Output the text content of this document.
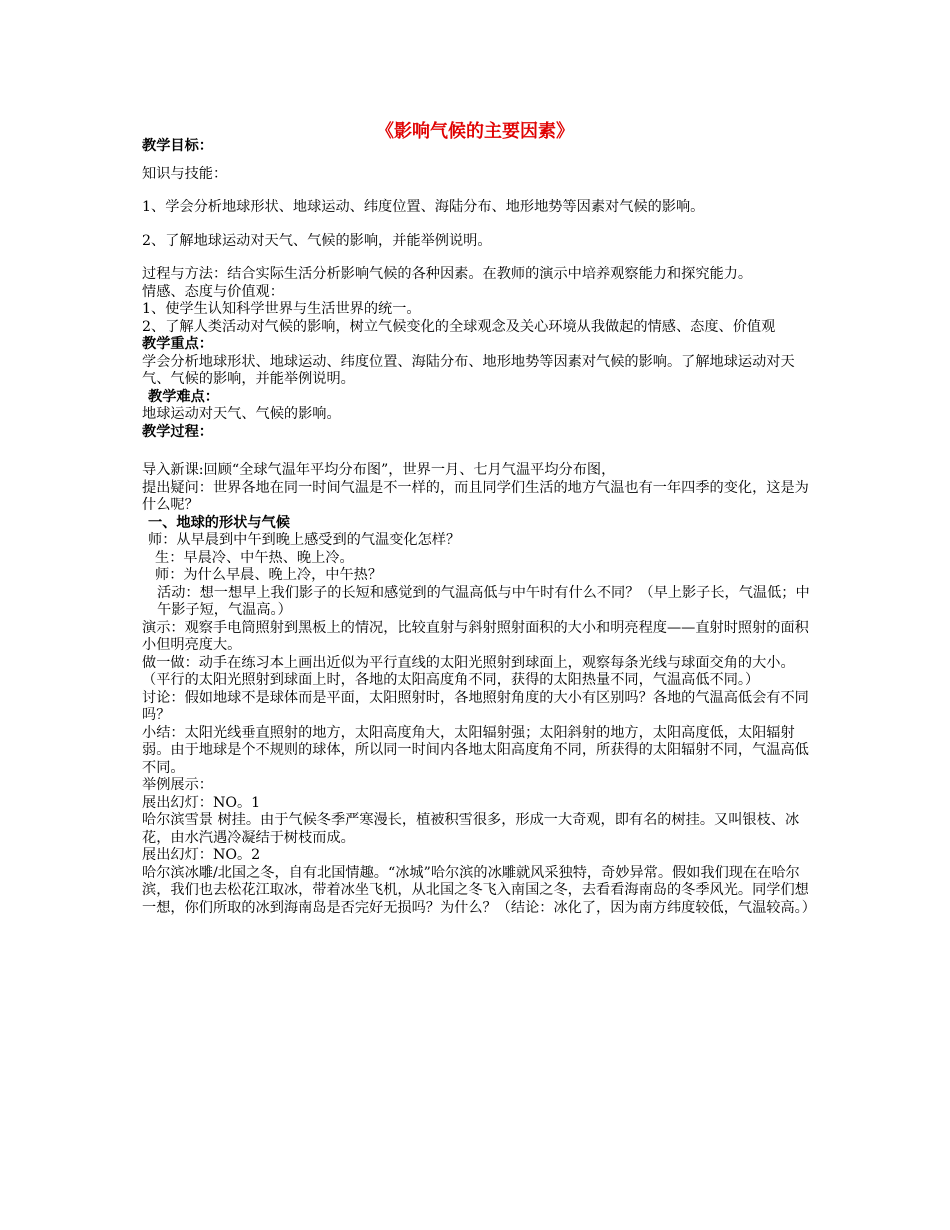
《影响气候的主要因素》

教学目标：

知识与技能：

1、学会分析地球形状、地球运动、纬度位置、海陆分布、地形地势等因素对气候的影响。

2、了解地球运动对天气、气候的影响，并能举例说明。

过程与方法：结合实际生活分析影响气候的各种因素。在教师的演示中培养观察能力和探究能力。

情感、态度与价值观：

1、使学生认知科学世界与生活世界的统一。

2、了解人类活动对气候的影响，树立气候变化的全球观念及关心环境从我做起的情感、态度、价值观

教学重点：

学会分析地球形状、地球运动、纬度位置、海陆分布、地形地势等因素对气候的影响。了解地球运动对天气、气候的影响，并能举例说明。

教学难点：

地球运动对天气、气候的影响。

教学过程：

导入新课:回顾“全球气温年平均分布图”，世界一月、七月气温平均分布图，

提出疑问：世界各地在同一时间气温是不一样的，而且同学们生活的地方气温也有一年四季的变化，这是为什么呢？

一、地球的形状与气候

师：从早晨到中午到晚上感受到的气温变化怎样？

生：早晨冷、中午热、晚上冷。

师：为什么早晨、晚上冷，中午热？

活动：想一想早上我们影子的长短和感觉到的气温高低与中午时有什么不同？（早上影子长，气温低；中午影子短，气温高。）

演示：观察手电筒照射到黑板上的情况，比较直射与斜射照射面积的大小和明亮程度——直射时照射的面积小但明亮度大。

做一做：动手在练习本上画出近似为平行直线的太阳光照射到球面上，观察每条光线与球面交角的大小。（平行的太阳光照射到球面上时，各地的太阳高度角不同，获得的太阳热量不同，气温高低不同。）

讨论：假如地球不是球体而是平面，太阳照射时，各地照射角度的大小有区别吗？各地的气温高低会有不同吗？

小结：太阳光线垂直照射的地方，太阳高度角大，太阳辐射强；太阳斜射的地方，太阳高度低，太阳辐射弱。由于地球是个不规则的球体，所以同一时间内各地太阳高度角不同，所获得的太阳辐射不同，气温高低不同。

举例展示：

展出幻灯：NO。1

哈尔滨雪景 树挂。由于气候冬季严寒漫长，植被积雪很多，形成一大奇观，即有名的树挂。又叫银枝、冰花，由水汽遇冷凝结于树枝而成。

展出幻灯：NO。2

哈尔滨冰雕/北国之冬，自有北国情趣。“冰城”哈尔滨的冰雕就风采独特，奇妙异常。假如我们现在在哈尔滨，我们也去松花江取冰，带着冰坐飞机，从北国之冬飞入南国之冬，去看看海南岛的冬季风光。同学们想一想，你们所取的冰到海南岛是否完好无损吗？为什么？（结论：冰化了，因为南方纬度较低，气温较高。）
